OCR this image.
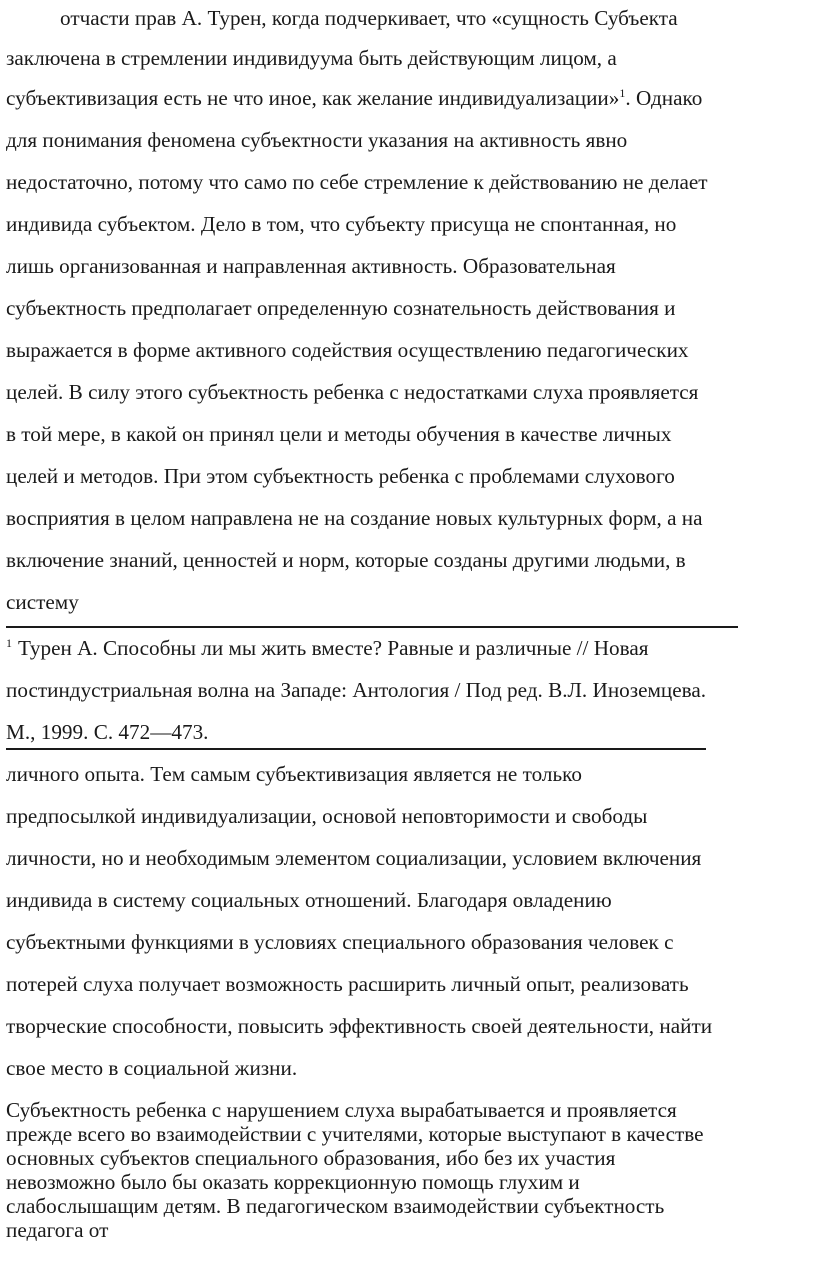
отчасти прав А. Турен, когда подчеркивает, что «сущность Субъекта
заключена в стремлении индивидуума быть действующим лицом, а
субъективизация есть не что иное, как желание индивидуализации»$^1$. Однако
для понимания феномена субъектности указания на активность явно
недостаточно, потому что само по себе стремление к действованию не делает
индивида субъектом. Дело в том, что субъекту присуща не спонтанная, но
лишь организованная и направленная активность. Образовательная
субъектность предполагает определенную сознательность действования и
выражается в форме активного содействия осуществлению педагогических
целей. В силу этого субъектность ребенка с недостатками слуха проявляется
в той мере, в какой он принял цели и методы обучения в качестве личных
целей и методов. При этом субъектность ребенка с проблемами слухового
восприятия в целом направлена не на создание новых культурных форм, а на
включение знаний, ценностей и норм, которые созданы другими людьми, в
систему
$^1$ Турен А. Способны ли мы жить вместе? Равные и различные // Новая
постиндустриальная волна на Западе: Антология / Под ред. В.Л. Иноземцева.
М., 1999. С. 472—473.
личного опыта. Тем самым субъективизация является не только
предпосылкой индивидуализации, основой неповторимости и свободы
личности, но и необходимым элементом социализации, условием включения
индивида в систему социальных отношений. Благодаря овладению
субъектными функциями в условиях специального образования человек с
потерей слуха получает возможность расширить личный опыт, реализовать
творческие способности, повысить эффективность своей деятельности, найти
свое место в социальной жизни.
Субъектность ребенка с нарушением слуха вырабатывается и проявляется
прежде всего во взаимодействии с учителями, которые выступают в качестве
основных субъектов специального образования, ибо без их участия
невозможно было бы оказать коррекционную помощь глухим и
слабослышащим детям. В педагогическом взаимодействии субъектность
педагога от
